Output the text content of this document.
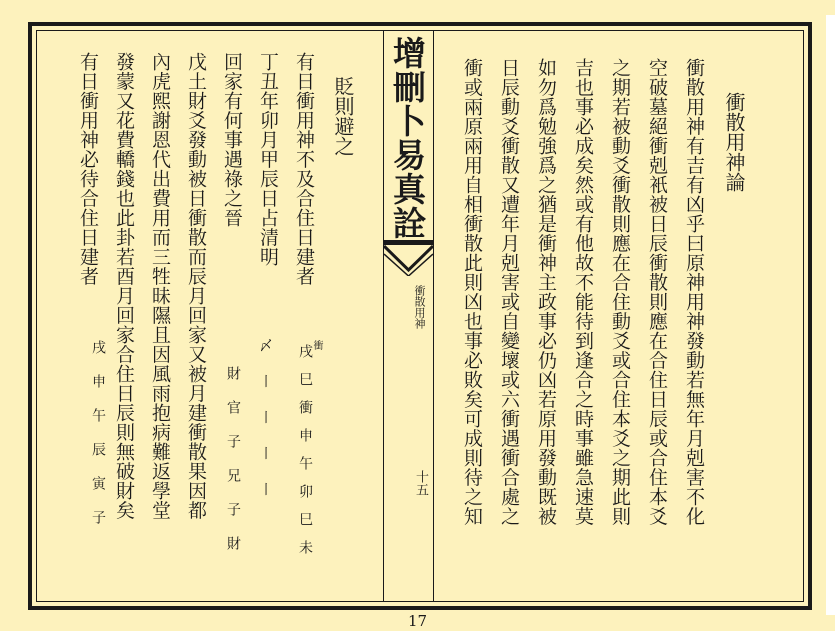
增刪卜易真詮
衝散用神
十五
衝散用神論
衝散用神有吉有凶乎曰原神用神發動若無年月剋害不化
空破墓絕衝剋衹被日辰衝散則應在合住日辰或合住本爻
之期若被動爻衝散則應在合住動爻或合住本爻之期此則
吉也事必成矣然或有他故不能待到逢合之時事雖急速莫
如勿爲勉強爲之猶是衝神主政事必仍凶若原用發動既被
日辰動爻衝散又遭年月剋害或自變壞或六衝遇衝合處之
衝或兩原兩用自相衝散此則凶也事必敗矣可成則待之知
貶則避之
有日衝用神不及合住日建者
丁丑年卯月甲辰日占清明
回家有何事遇祿之晉
戊土財爻發動被日衝散而辰月回家又被月建衝散果因都
內虎熙謝恩代出費用而三牲昧隰且因風雨抱病難返學堂
發蒙又花費轎錢也此卦若酉月回家合住日辰則無破財矣
有日衝用神必待合住日建者
戌巳衝申午卯巳未
〆〡〡〡〡
財官子兄子財
戌申午辰寅子	衝
17
